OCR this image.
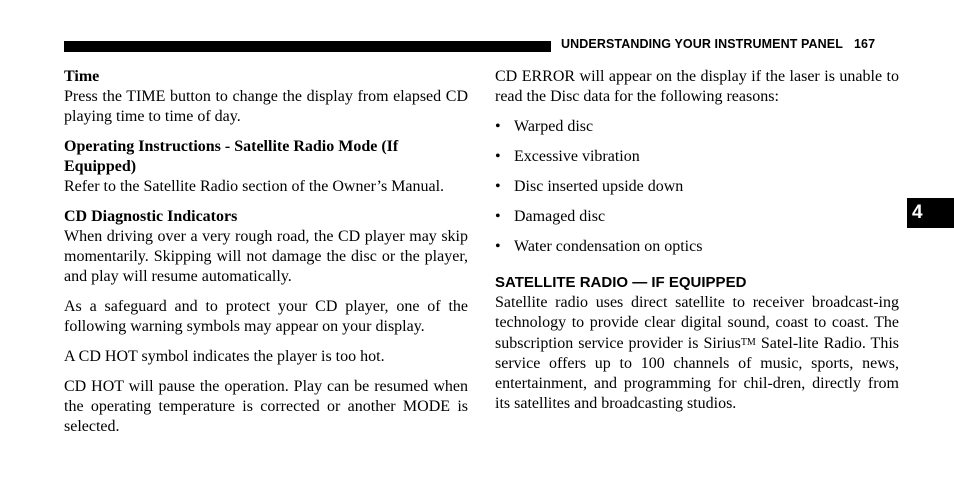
UNDERSTANDING YOUR INSTRUMENT PANEL 167
Time

Press the TIME button to change the display from elapsed CD playing time to time of day.

Operating Instructions - Satellite Radio Mode (If Equipped)

Refer to the Satellite Radio section of the Owner’s Manual.

CD Diagnostic Indicators

When driving over a very rough road, the CD player may skip momentarily. Skipping will not damage the disc or the player, and play will resume automatically.

As a safeguard and to protect your CD player, one of the following warning symbols may appear on your display.

A CD HOT symbol indicates the player is too hot.

CD HOT will pause the operation. Play can be resumed when the operating temperature is corrected or another MODE is selected.

CD ERROR will appear on the display if the laser is unable to read the Disc data for the following reasons:

• Warped disc
• Excessive vibration
• Disc inserted upside down
• Damaged disc
• Water condensation on optics
SATELLITE RADIO — IF EQUIPPED

Satellite radio uses direct satellite to receiver broadcast-ing technology to provide clear digital sound, coast to coast. The subscription service provider is Sirius™ Satel-lite Radio. This service offers up to 100 channels of music, sports, news, entertainment, and programming for chil-dren, directly from its satellites and broadcasting studios.

4
